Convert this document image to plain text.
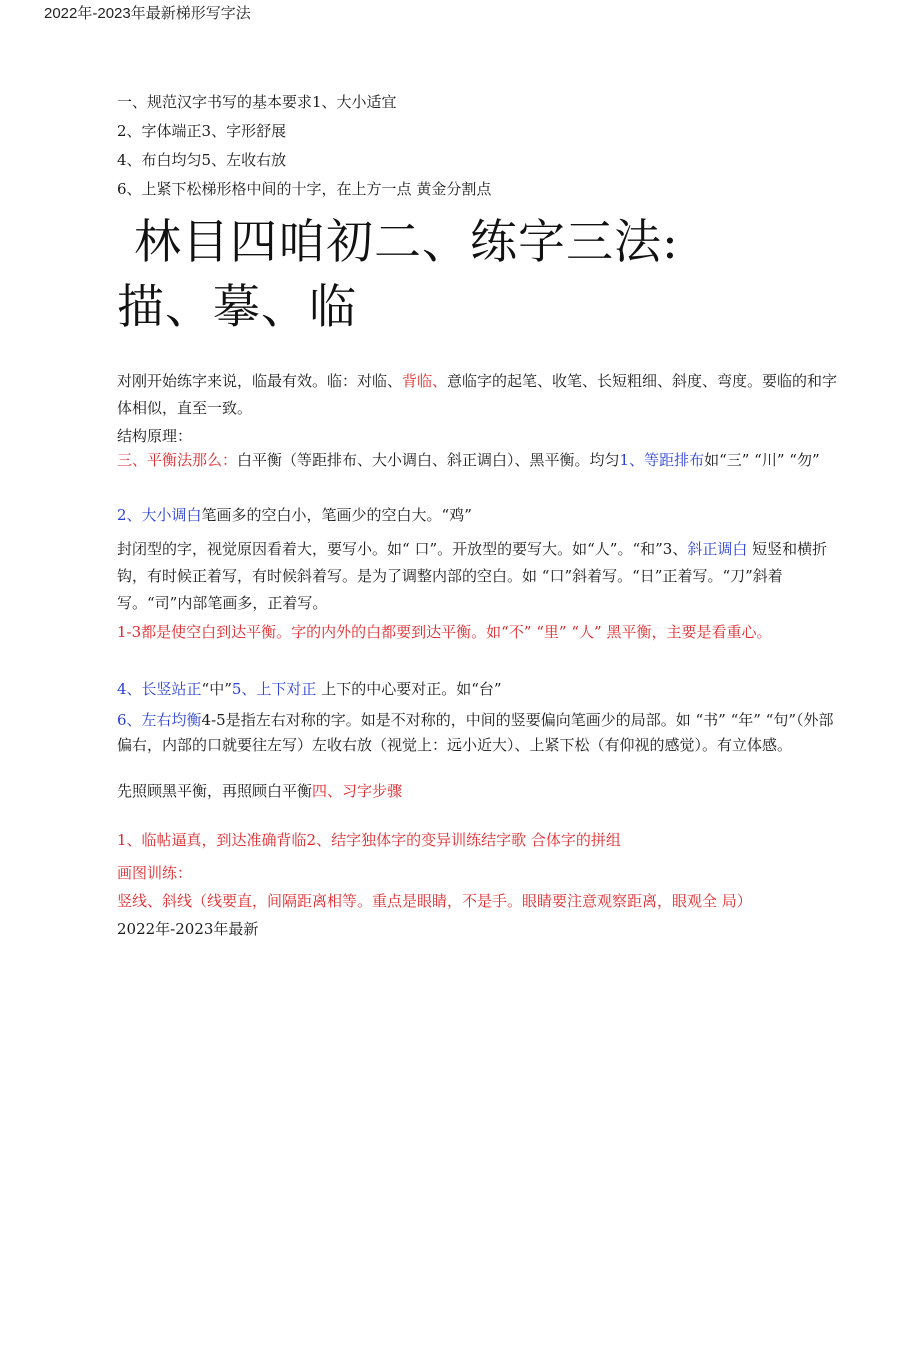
2022年-2023年最新梯形写字法
一、规范汉字书写的基本要求1、大小适宜
2、字体端正3、字形舒展
4、布白均匀5、左收右放
6、上紧下松梯形格中间的十字，在上方一点 黄金分割点
林目四咱初二、练字三法:
描、摹、临
对刚开始练字来说，临最有效。临：对临、背临、意临字的起笔、收笔、长短粗细、斜度、弯度。要临的和字体相似，直至一致。
结构原理：
三、平衡法那么：白平衡（等距排布、大小调白、斜正调白）、黑平衡。均匀1、等距排布如“三” “川” “勿”
2、大小调白笔画多的空白小，笔画少的空白大。“鸡”
封闭型的字，视觉原因看着大，要写小。如“ 口”。开放型的要写大。如“人”。“和”3、斜正调白 短竖和横折钩，有时候正着写，有时候斜着写。是为了调整内部的空白。如 “口”斜着写。“日”正着写。“刀”斜着写。“司”内部笔画多，正着写。
1-3都是使空白到达平衡。字的内外的白都要到达平衡。如“不” “里” “人” 黑平衡，主要是看重心。
4、长竖站正“中”5、上下对正 上下的中心要对正。如“台”
6、左右均衡4-5是指左右对称的字。如是不对称的，中间的竖要偏向笔画少的局部。如 “书” “年” “句”（外部偏右，内部的口就要往左写）左收右放（视觉上：远小近大）、上紧下松（有仰视的感觉）。有立体感。
先照顾黑平衡，再照顾白平衡四、习字步骤
1、临帖逼真，到达准确背临2、结字独体字的变异训练结字歌 合体字的拼组
画图训练：
竖线、斜线（线要直，间隔距离相等。重点是眼睛，不是手。眼睛要注意观察距离，眼观全 局）
2022年-2023年最新
